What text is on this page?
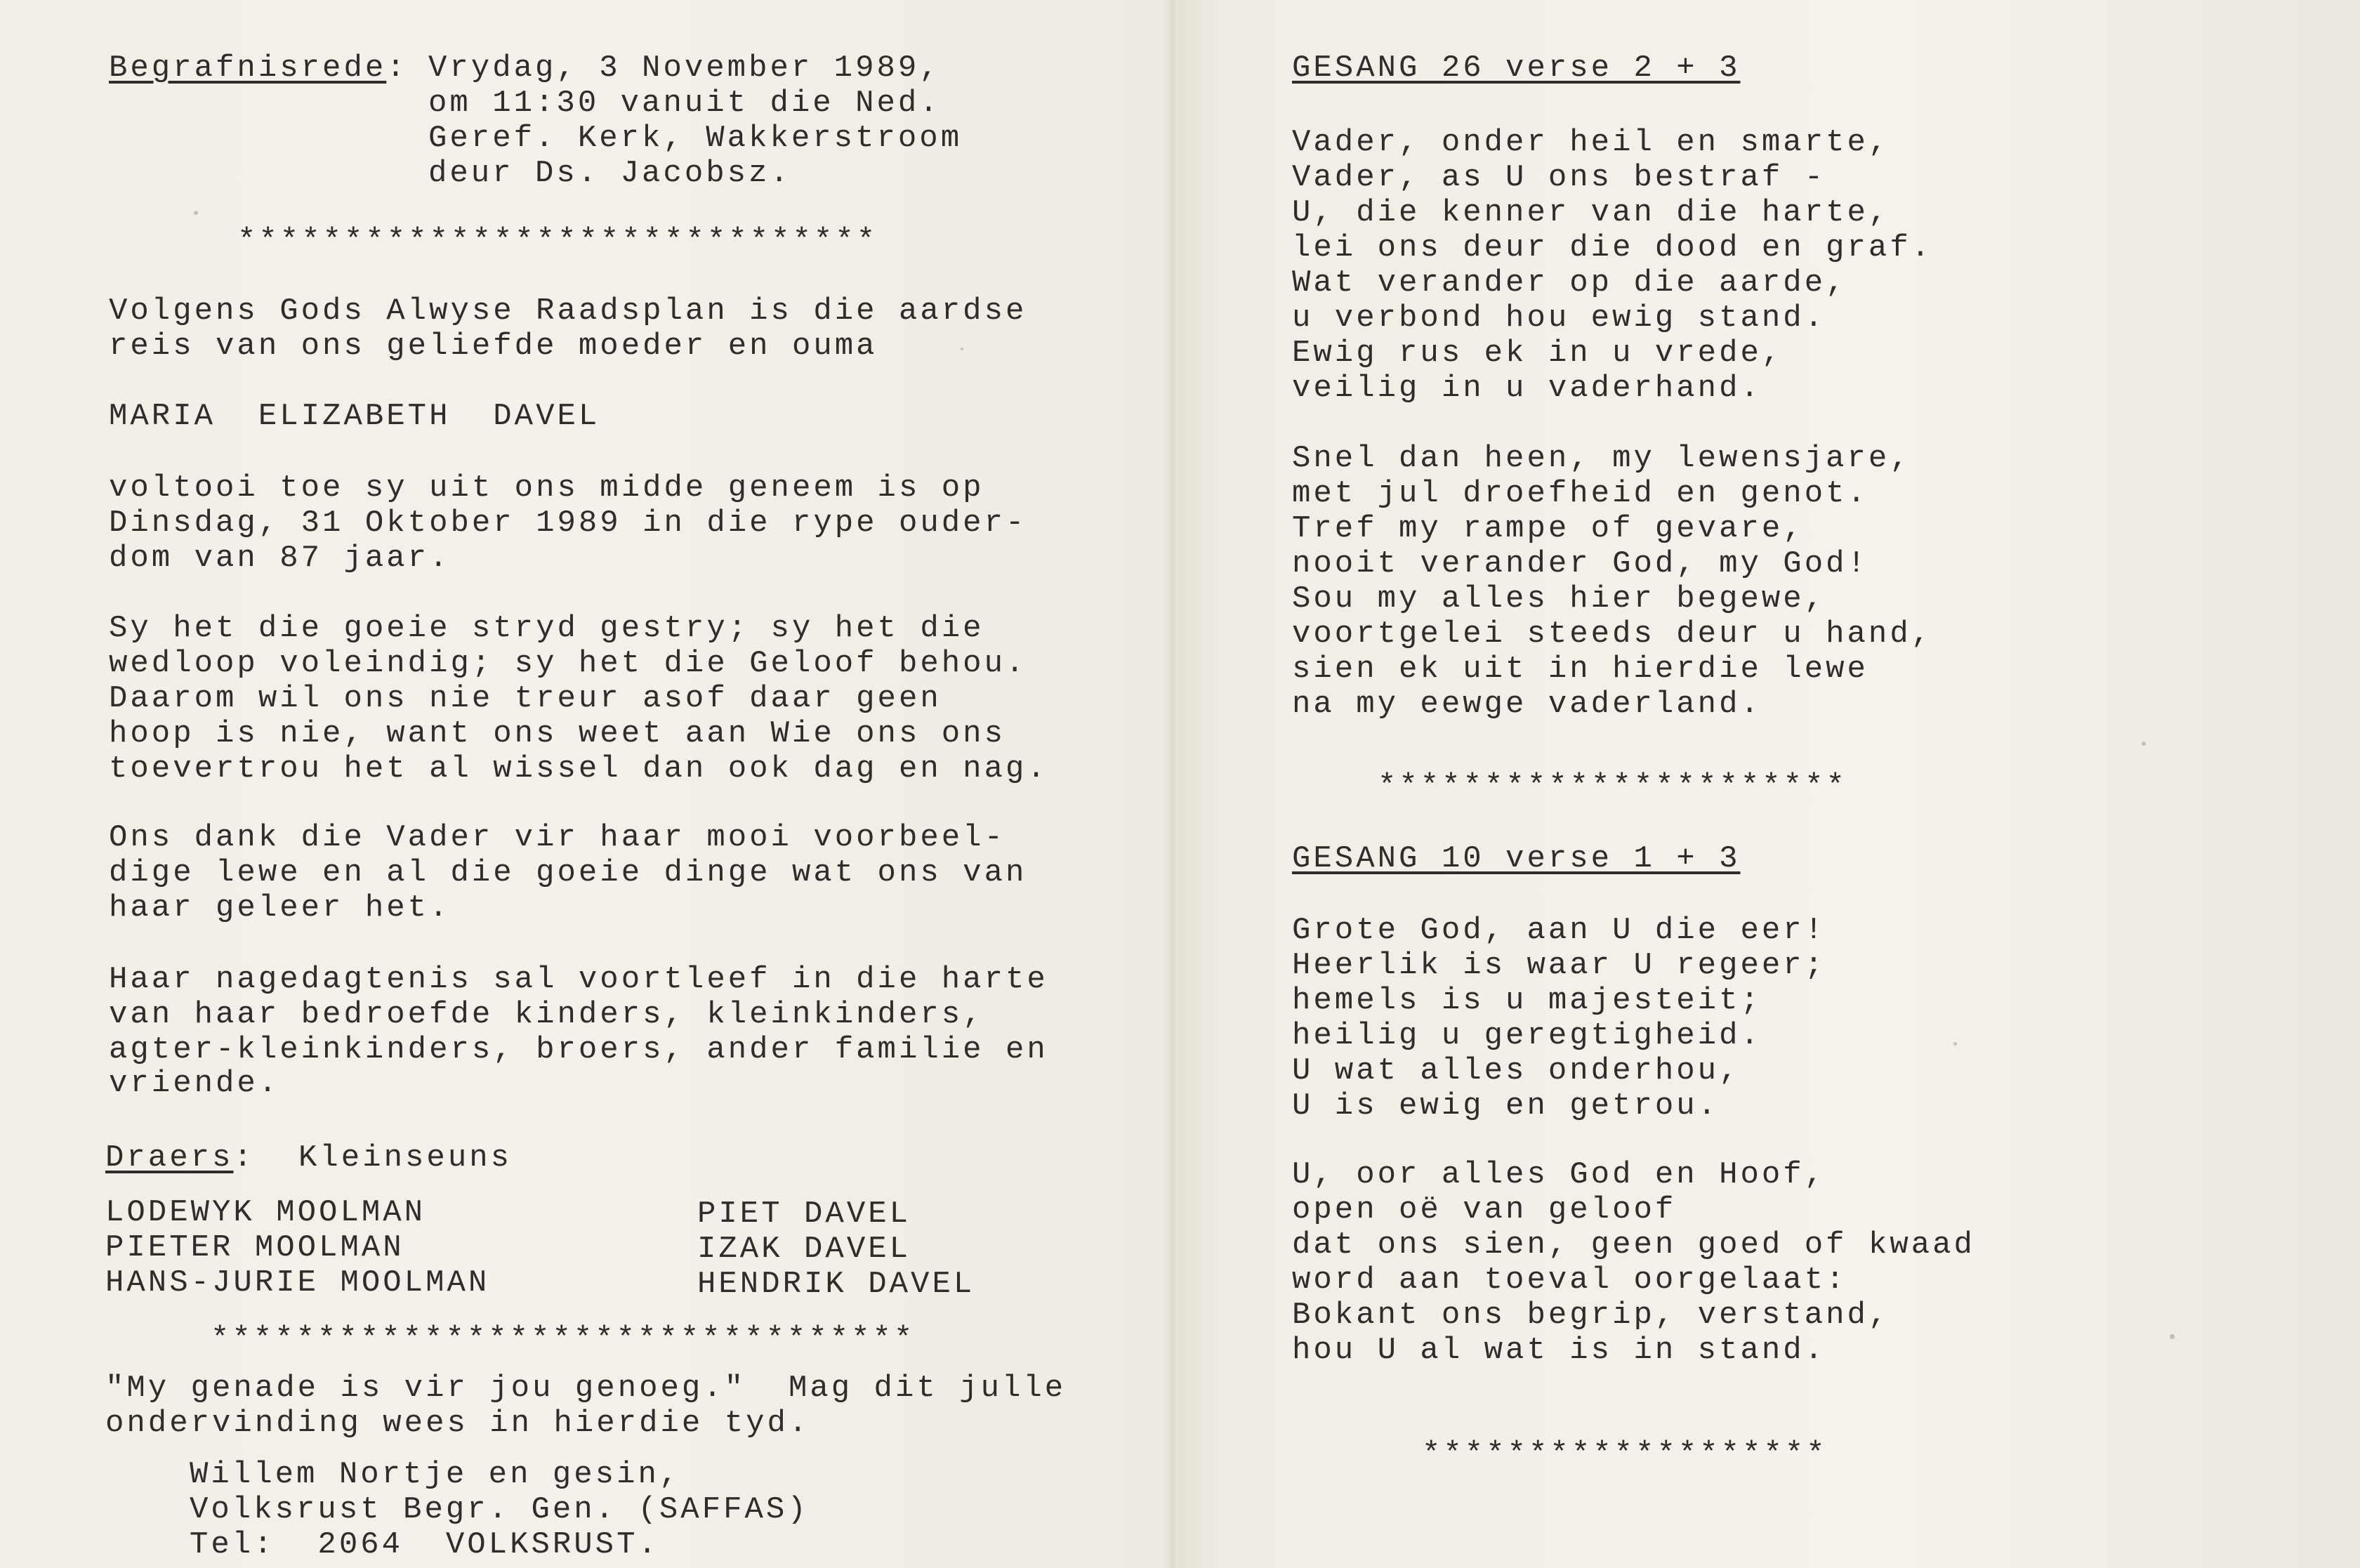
Begrafnisrede: Vrydag, 3 November 1989,
om 11:30 vanuit die Ned.
Geref. Kerk, Wakkerstroom
deur Ds. Jacobsz.
******************************
Volgens Gods Alwyse Raadsplan is die aardse
reis van ons geliefde moeder en ouma
MARIA  ELIZABETH  DAVEL
voltooi toe sy uit ons midde geneem is op
Dinsdag, 31 Oktober 1989 in die rype ouder-
dom van 87 jaar.
Sy het die goeie stryd gestry; sy het die
wedloop voleindig; sy het die Geloof behou.
Daarom wil ons nie treur asof daar geen
hoop is nie, want ons weet aan Wie ons ons
toevertrou het al wissel dan ook dag en nag.
Ons dank die Vader vir haar mooi voorbeel-
dige lewe en al die goeie dinge wat ons van
haar geleer het.
Haar nagedagtenis sal voortleef in die harte
van haar bedroefde kinders, kleinkinders,
agter-kleinkinders, broers, ander familie en
vriende.
Draers: Kleinseuns
LODEWYK MOOLMAN
PIETER MOOLMAN
HANS-JURIE MOOLMAN
PIET DAVEL
IZAK DAVEL
HENDRIK DAVEL
*********************************
"My genade is vir jou genoeg."  Mag dit julle
ondervinding wees in hierdie tyd.
Willem Nortje en gesin,
Volksrust Begr. Gen. (SAFFAS)
Tel:  2064  VOLKSRUST.
GESANG 26 verse 2 + 3
Vader, onder heil en smarte,
Vader, as U ons bestraf -
U, die kenner van die harte,
lei ons deur die dood en graf.
Wat verander op die aarde,
u verbond hou ewig stand.
Ewig rus ek in u vrede,
veilig in u vaderhand.
Snel dan heen, my lewensjare,
met jul droefheid en genot.
Tref my rampe of gevare,
nooit verander God, my God!
Sou my alles hier begewe,
voortgelei steeds deur u hand,
sien ek uit in hierdie lewe
na my eewge vaderland.
**********************
GESANG 10 verse 1 + 3
Grote God, aan U die eer!
Heerlik is waar U regeer;
hemels is u majesteit;
heilig u geregtigheid.
U wat alles onderhou,
U is ewig en getrou.
U, oor alles God en Hoof,
open oë van geloof
dat ons sien, geen goed of kwaad
word aan toeval oorgelaat:
Bokant ons begrip, verstand,
hou U al wat is in stand.
*******************
